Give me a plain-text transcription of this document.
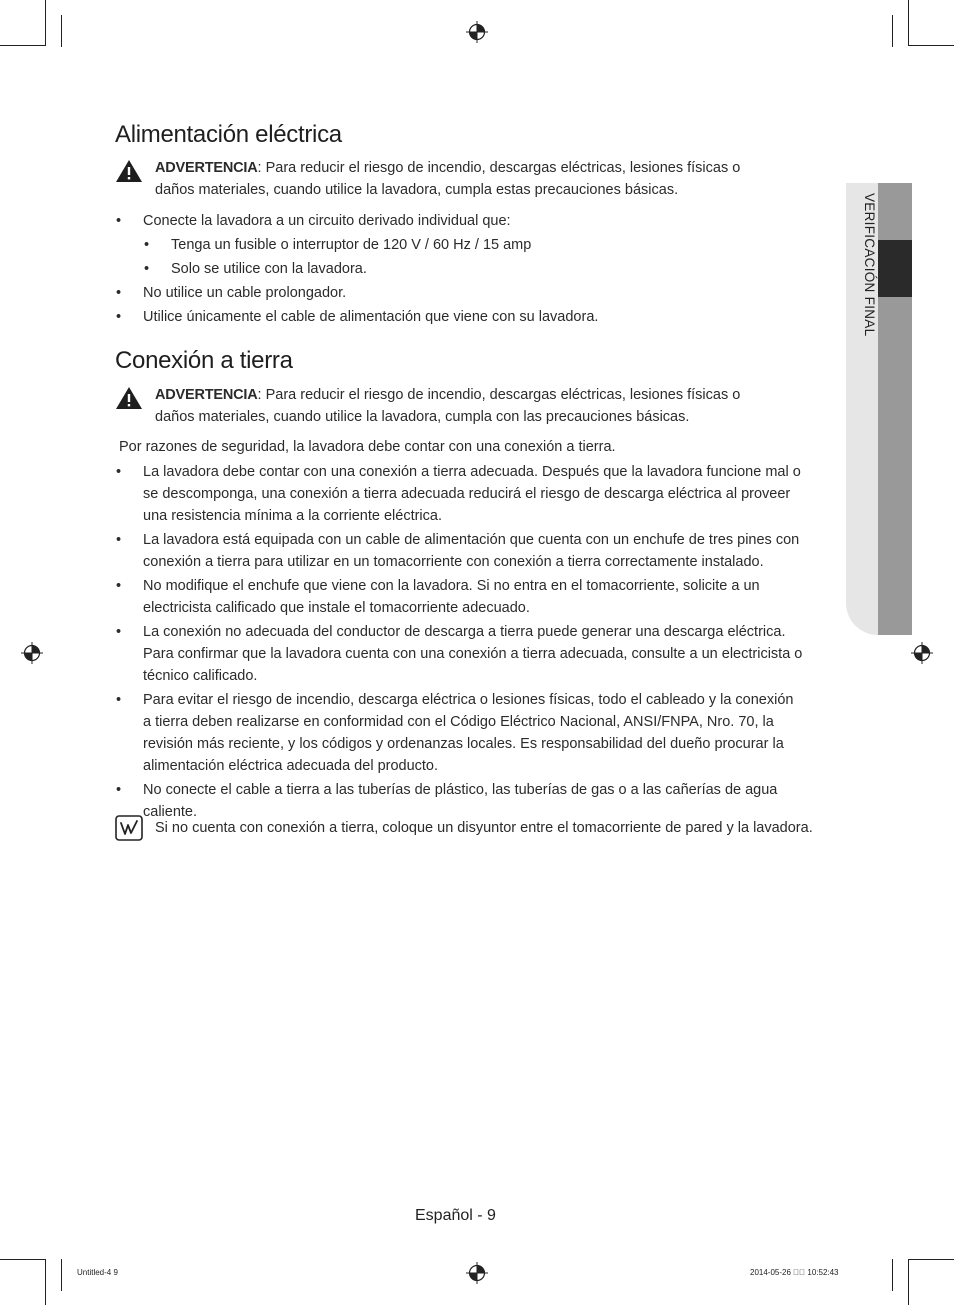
VERIFICACIÓN FINAL
Alimentación eléctrica
ADVERTENCIA: Para reducir el riesgo de incendio, descargas eléctricas, lesiones físicas o daños materiales, cuando utilice la lavadora, cumpla estas precauciones básicas.
• Conecte la lavadora a un circuito derivado individual que:
• Tenga un fusible o interruptor de 120 V / 60 Hz / 15 amp
• Solo se utilice con la lavadora.
• No utilice un cable prolongador.
• Utilice únicamente el cable de alimentación que viene con su lavadora.
Conexión a tierra
ADVERTENCIA: Para reducir el riesgo de incendio, descargas eléctricas, lesiones físicas o daños materiales, cuando utilice la lavadora, cumpla con las precauciones básicas.
Por razones de seguridad, la lavadora debe contar con una conexión a tierra.
• La lavadora debe contar con una conexión a tierra adecuada. Después que la lavadora funcione mal o se descomponga, una conexión a tierra adecuada reducirá el riesgo de descarga eléctrica al proveer una resistencia mínima a la corriente eléctrica.
• La lavadora está equipada con un cable de alimentación que cuenta con un enchufe de tres pines con conexión a tierra para utilizar en un tomacorriente con conexión a tierra correctamente instalado.
• No modifique el enchufe que viene con la lavadora. Si no entra en el tomacorriente, solicite a un electricista calificado que instale el tomacorriente adecuado.
• La conexión no adecuada del conductor de descarga a tierra puede generar una descarga eléctrica. Para confirmar que la lavadora cuenta con una conexión a tierra adecuada, consulte a un electricista o técnico calificado.
• Para evitar el riesgo de incendio, descarga eléctrica o lesiones físicas, todo el cableado y la conexión a tierra deben realizarse en conformidad con el Código Eléctrico Nacional, ANSI/FNPA, Nro. 70, la revisión más reciente, y los códigos y ordenanzas locales. Es responsabilidad del dueño procurar la alimentación eléctrica adecuada del producto.
• No conecte el cable a tierra a las tuberías de plástico, las tuberías de gas o a las cañerías de agua caliente.
Si no cuenta con conexión a tierra, coloque un disyuntor entre el tomacorriente de pared y la lavadora.
Español - 9
Untitled-4 9	2014-05-26 ￿￿ 10:52:43
